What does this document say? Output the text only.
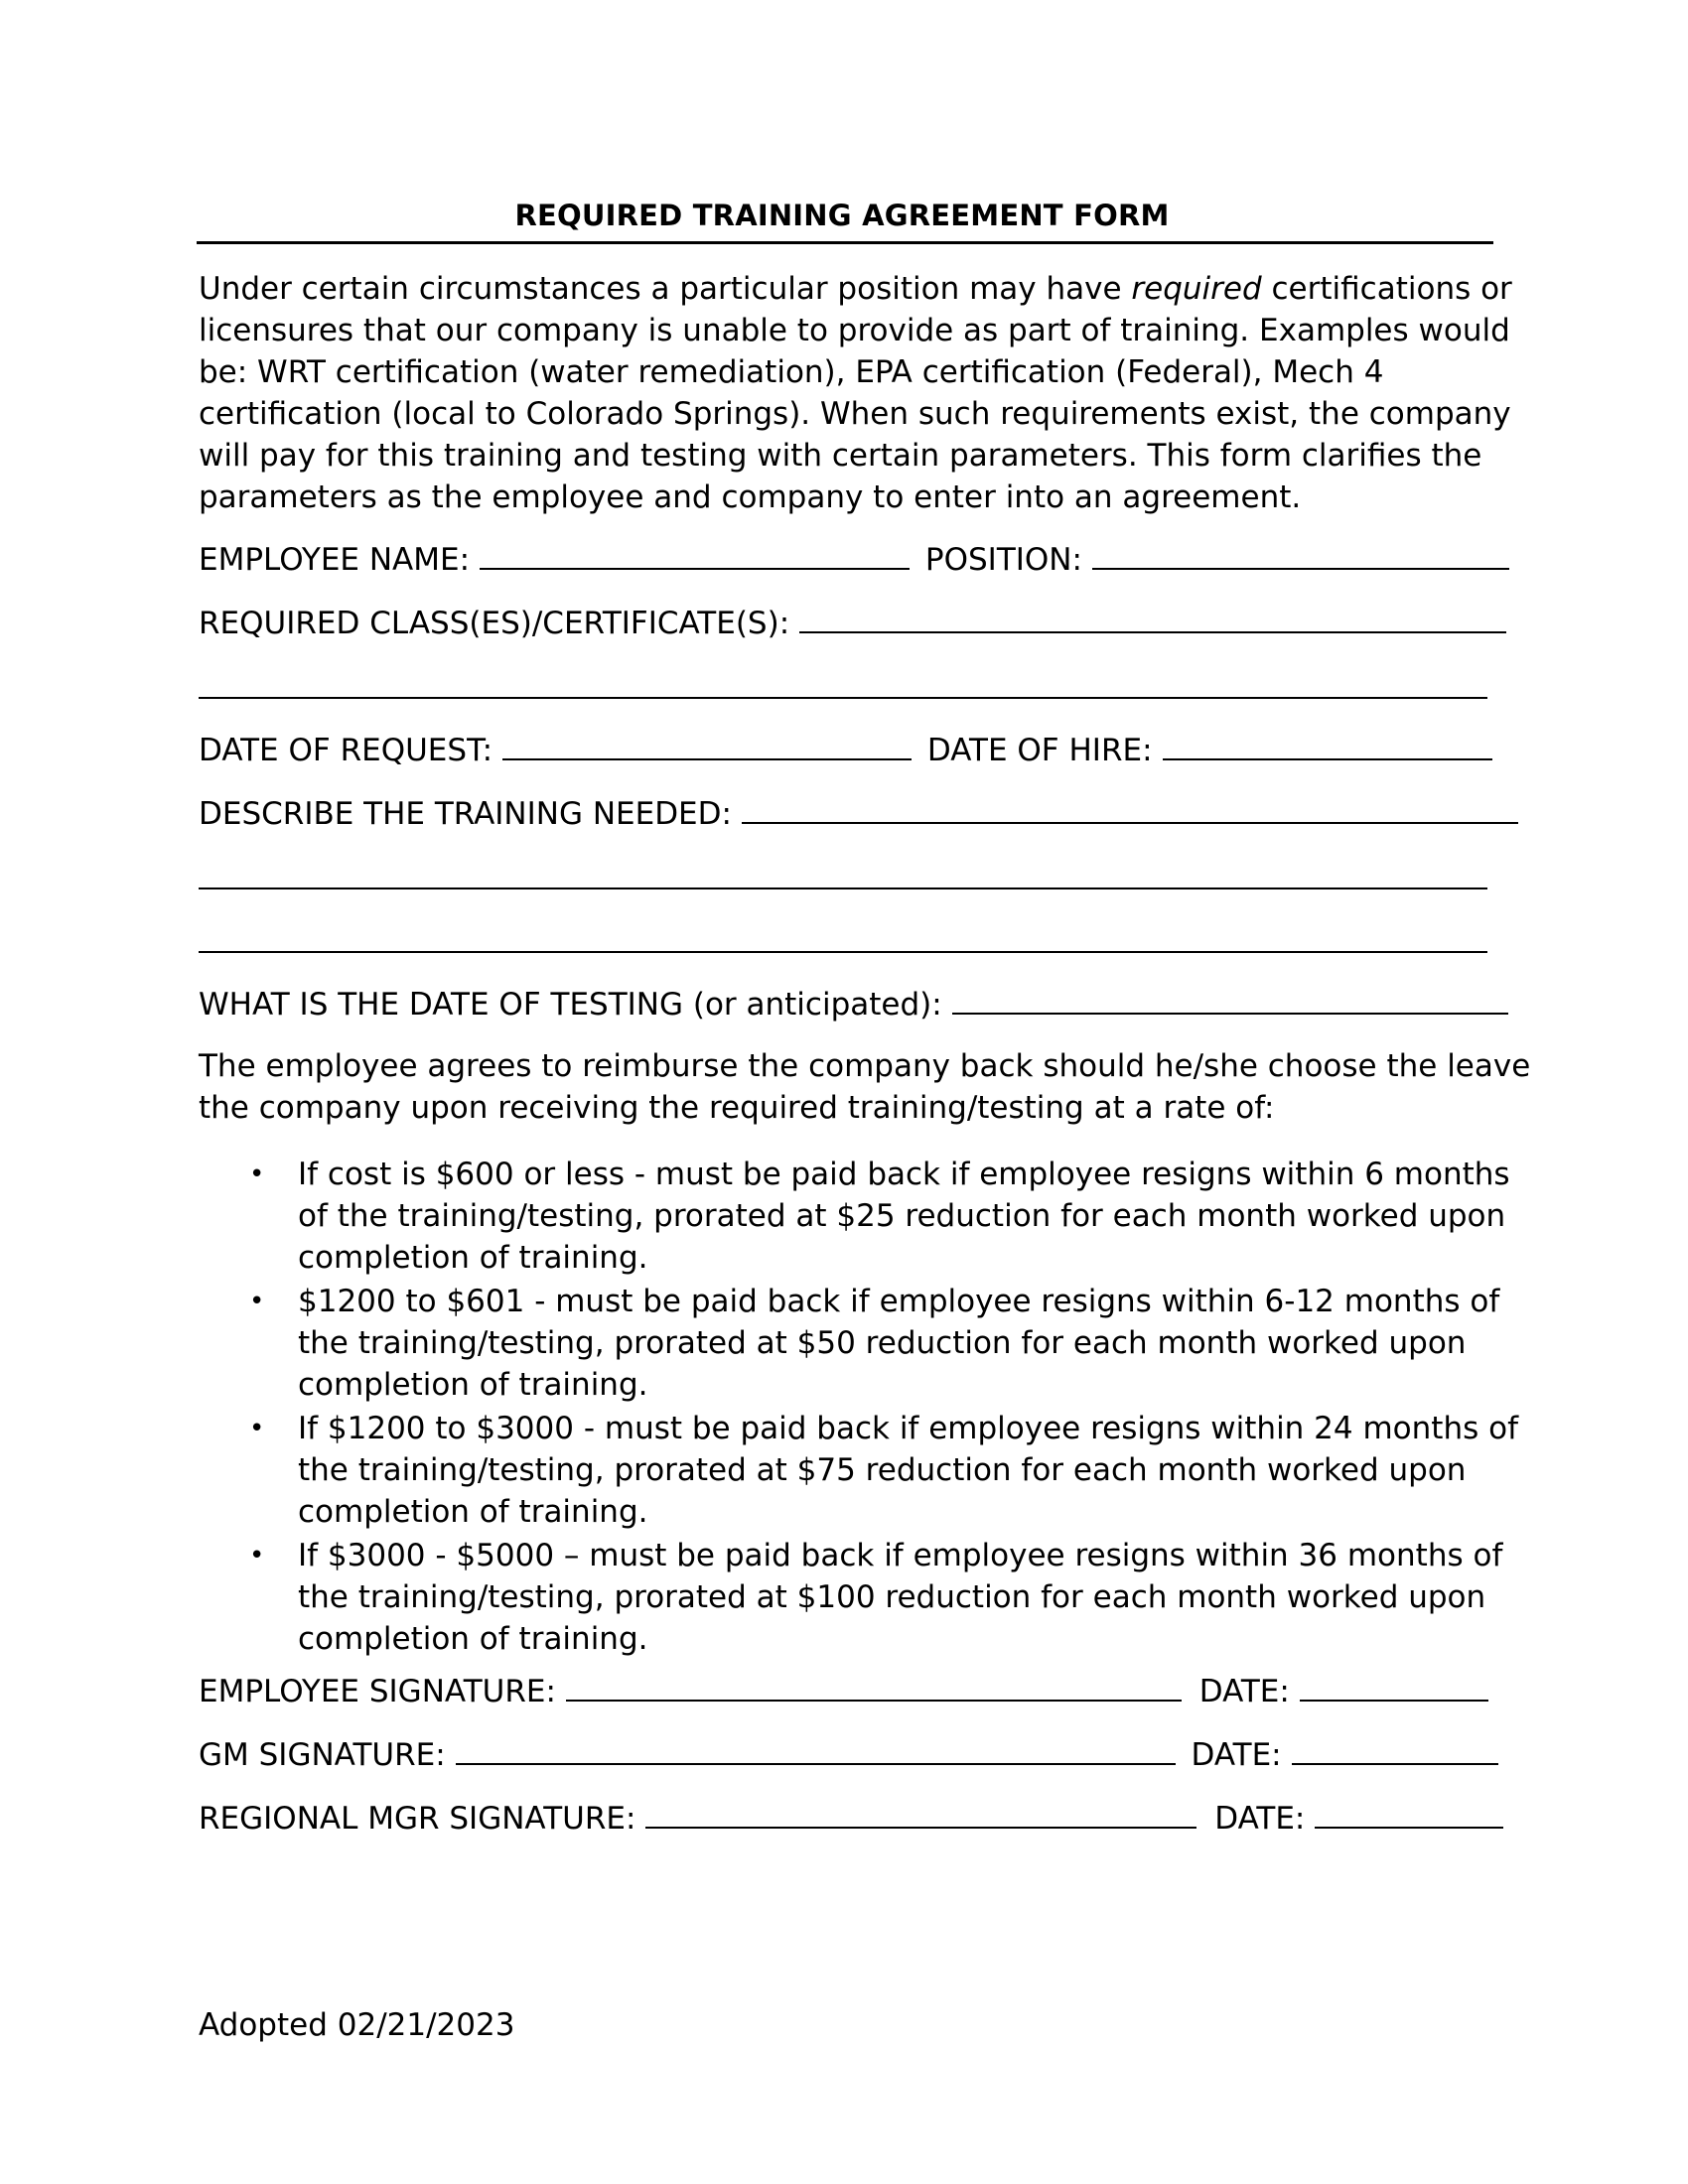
REQUIRED TRAINING AGREEMENT FORM
Under certain circumstances a particular position may have required certifications or
licensures that our company is unable to provide as part of training. Examples would
be: WRT certification (water remediation), EPA certification (Federal), Mech 4
certification (local to Colorado Springs). When such requirements exist, the company
will pay for this training and testing with certain parameters. This form clarifies the
parameters as the employee and company to enter into an agreement.
EMPLOYEE NAME:	POSITION:
REQUIRED CLASS(ES)/CERTIFICATE(S):
DATE OF REQUEST:	DATE OF HIRE:
DESCRIBE THE TRAINING NEEDED:
WHAT IS THE DATE OF TESTING (or anticipated):
The employee agrees to reimburse the company back should he/she choose the leave
the company upon receiving the required training/testing at a rate of:
• If cost is $600 or less - must be paid back if employee resigns within 6 months
of the training/testing, prorated at $25 reduction for each month worked upon
completion of training.
• $1200 to $601 - must be paid back if employee resigns within 6-12 months of
the training/testing, prorated at $50 reduction for each month worked upon
completion of training.
• If $1200 to $3000 - must be paid back if employee resigns within 24 months of
the training/testing, prorated at $75 reduction for each month worked upon
completion of training.
• If $3000 - $5000 – must be paid back if employee resigns within 36 months of
the training/testing, prorated at $100 reduction for each month worked upon
completion of training.
EMPLOYEE SIGNATURE:	DATE:
GM SIGNATURE:	DATE:
REGIONAL MGR SIGNATURE:	DATE:
Adopted 02/21/2023
